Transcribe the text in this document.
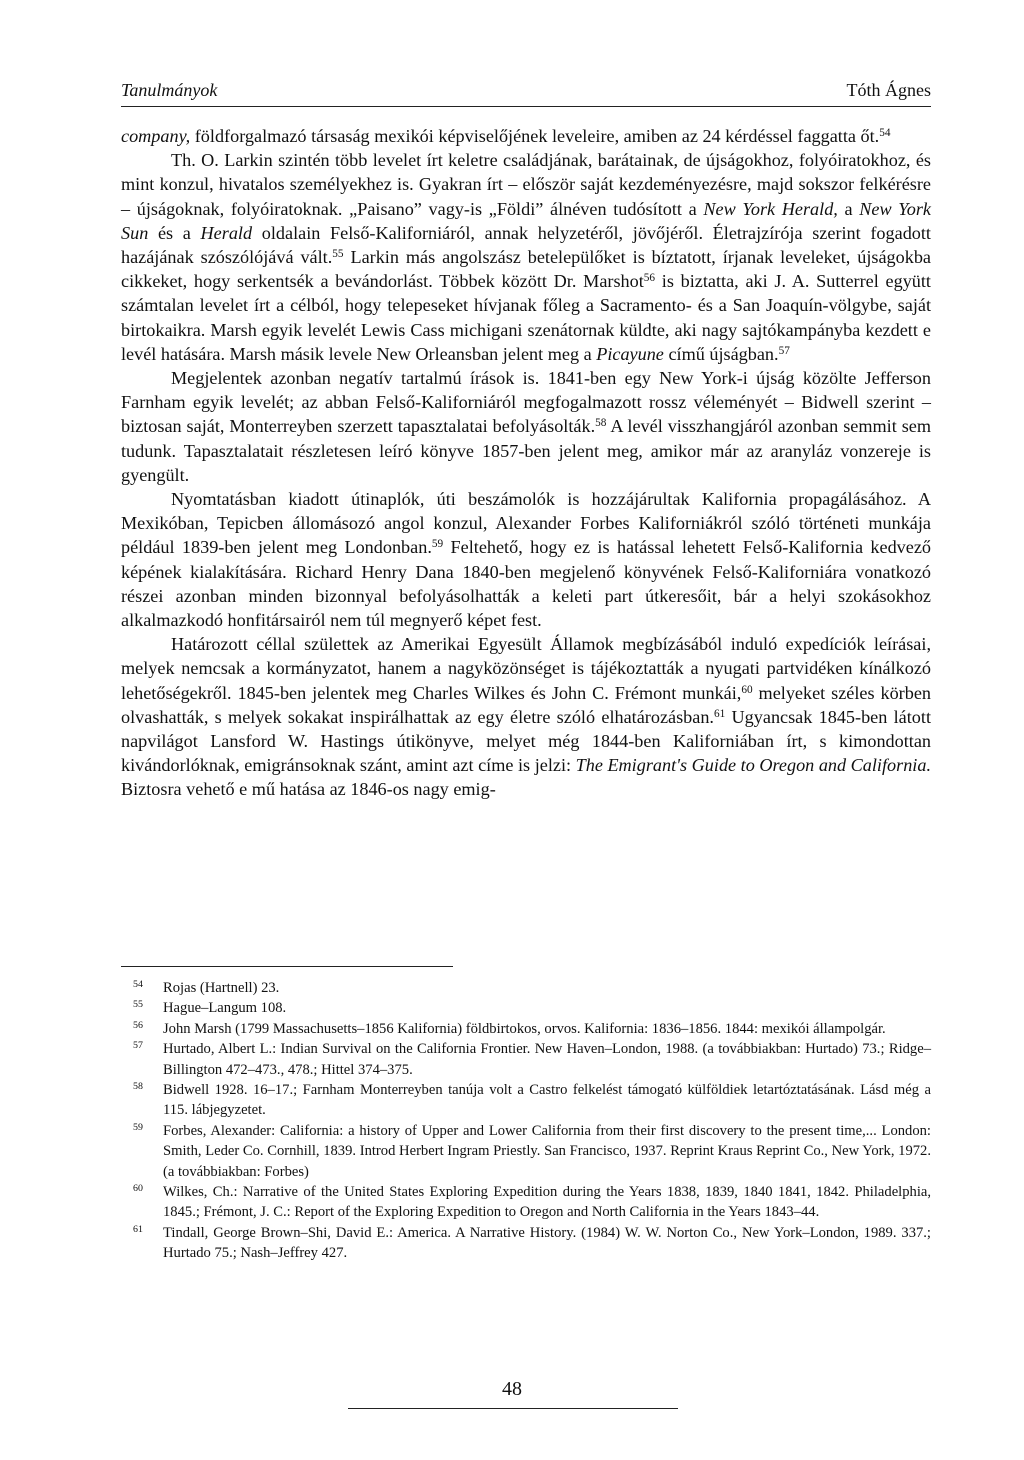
Tanulmányok	Tóth Ágnes

company, földforgalmazó társaság mexikói képviselőjének leveleire, amiben az 24 kérdéssel faggatta őt.$^{54}$

Th. O. Larkin szintén több levelet írt keletre családjának, barátainak, de újságokhoz, folyóiratokhoz, és mint konzul, hivatalos személyekhez is. Gyakran írt – először saját kezdeményezésre, majd sokszor felkérésre – újságoknak, folyóiratoknak. „Paisano” vagy-is „Földi” álnéven tudósított a New York Herald, a New York Sun és a Herald oldalain Felső-Kaliforniáról, annak helyzetéről, jövőjéről. Életrajzírója szerint fogadott hazájának szószólójává vált.$^{55}$ Larkin más angolszász betelepülőket is bíztatott, írjanak leveleket, újságokba cikkeket, hogy serkentsék a bevándorlást. Többek között Dr. Marshot$^{56}$ is biztatta, aki J. A. Sutterrel együtt számtalan levelet írt a célból, hogy telepeseket hívjanak főleg a Sacramento- és a San Joaquín-völgybe, saját birtokaikra. Marsh egyik levelét Lewis Cass michigani szenátornak küldte, aki nagy sajtókampányba kezdett e levél hatására. Marsh másik levele New Orleansban jelent meg a Picayune című újságban.$^{57}$

Megjelentek azonban negatív tartalmú írások is. 1841-ben egy New York-i újság közölte Jefferson Farnham egyik levelét; az abban Felső-Kaliforniáról megfogalmazott rossz véleményét – Bidwell szerint – biztosan saját, Monterreyben szerzett tapasztalatai befolyásolták.$^{58}$ A levél visszhangjáról azonban semmit sem tudunk. Tapasztalatait részletesen leíró könyve 1857-ben jelent meg, amikor már az aranyláz vonzereje is gyengült.

Nyomtatásban kiadott útinaplók, úti beszámolók is hozzájárultak Kalifornia propagálásához. A Mexikóban, Tepicben állomásozó angol konzul, Alexander Forbes Kaliforniákról szóló történeti munkája például 1839-ben jelent meg Londonban.$^{59}$ Feltehető, hogy ez is hatással lehetett Felső-Kalifornia kedvező képének kialakítására. Richard Henry Dana 1840-ben megjelenő könyvének Felső-Kaliforniára vonatkozó részei azonban minden bizonnyal befolyásolhatták a keleti part útkeresőit, bár a helyi szokásokhoz alkalmazkodó honfitársairól nem túl megnyerő képet fest.

Határozott céllal születtek az Amerikai Egyesült Államok megbízásából induló expedíciók leírásai, melyek nemcsak a kormányzatot, hanem a nagyközönséget is tájékoztatták a nyugati partvidéken kínálkozó lehetőségekről. 1845-ben jelentek meg Charles Wilkes és John C. Frémont munkái,$^{60}$ melyeket széles körben olvashatták, s melyek sokakat inspirálhattak az egy életre szóló elhatározásban.$^{61}$ Ugyancsak 1845-ben látott napvilágot Lansford W. Hastings útikönyve, melyet még 1844-ben Kaliforniában írt, s kimondottan kivándorlóknak, emigránsoknak szánt, amint azt címe is jelzi: The Emigrant's Guide to Oregon and California. Biztosra vehető e mű hatása az 1846-os nagy emig-

54 Rojas (Hartnell) 23.
55 Hague–Langum 108.
56 John Marsh (1799 Massachusetts–1856 Kalifornia) földbirtokos, orvos. Kalifornia: 1836–1856. 1844: mexikói állampolgár.
57 Hurtado, Albert L.: Indian Survival on the California Frontier. New Haven–London, 1988. (a továbbiakban: Hurtado) 73.; Ridge–Billington 472–473., 478.; Hittel 374–375.
58 Bidwell 1928. 16–17.; Farnham Monterreyben tanúja volt a Castro felkelést támogató külföldiek letartóztatásának. Lásd még a 115. lábjegyzetet.
59 Forbes, Alexander: California: a history of Upper and Lower California from their first discovery to the present time,... London: Smith, Leder Co. Cornhill, 1839. Introd Herbert Ingram Priestly. San Francisco, 1937. Reprint Kraus Reprint Co., New York, 1972. (a továbbiakban: Forbes)
60 Wilkes, Ch.: Narrative of the United States Exploring Expedition during the Years 1838, 1839, 1840 1841, 1842. Philadelphia, 1845.; Frémont, J. C.: Report of the Exploring Expedition to Oregon and North California in the Years 1843–44.
61 Tindall, George Brown–Shi, David E.: America. A Narrative History. (1984) W. W. Norton Co., New York–London, 1989. 337.; Hurtado 75.; Nash–Jeffrey 427.
48
